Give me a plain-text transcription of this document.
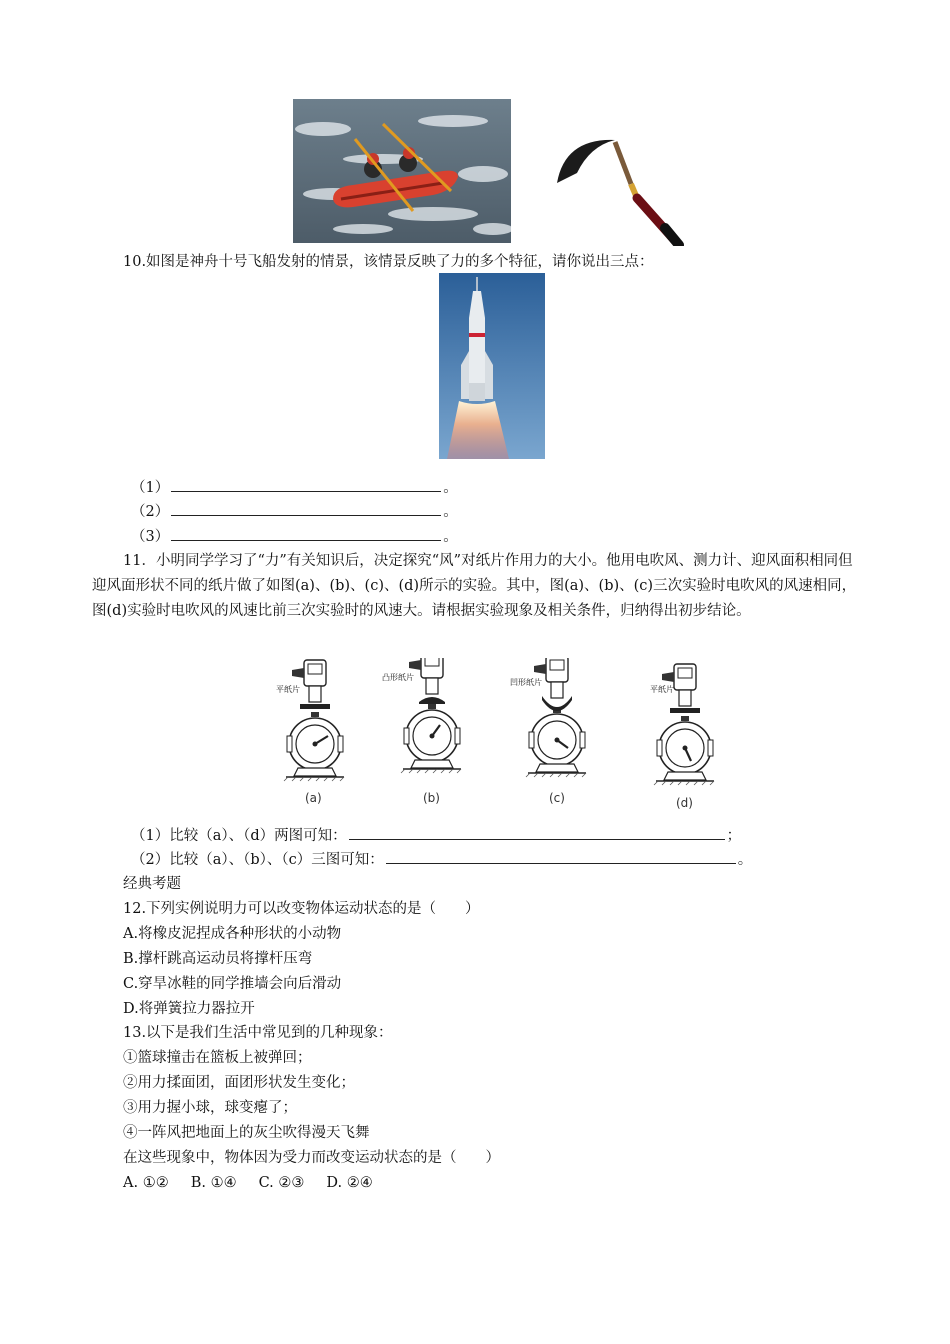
10.如图是神舟十号飞船发射的情景，该情景反映了力的多个特征，请你说出三点：
（1）	。
（2）	。
（3）	。
11．小明同学学习了“力”有关知识后，决定探究“风”对纸片作用力的大小。他用电吹风、测力计、迎风面积相同但迎风面形状不同的纸片做了如图(a)、(b)、(c)、(d)所示的实验。其中，图(a)、(b)、(c)三次实验时电吹风的风速相同，图(d)实验时电吹风的风速比前三次实验时的风速大。请根据实验现象及相关条件，归纳得出初步结论。
平纸片
(a)
凸形纸片
(b)
凹形纸片
(c)
平纸片
(d)
（1）比较（a）、（d）两图可知：	；
（2）比较（a）、（b）、（c）三图可知：	。
经典考题
12.下列实例说明力可以改变物体运动状态的是（　　）
A.将橡皮泥捏成各种形状的小动物
B.撑杆跳高运动员将撑杆压弯
C.穿旱冰鞋的同学推墙会向后滑动
D.将弹簧拉力器拉开
13.以下是我们生活中常见到的几种现象：
①篮球撞击在篮板上被弹回；
②用力揉面团，面团形状发生变化；
③用力握小球，球变瘪了；
④一阵风把地面上的灰尘吹得漫天飞舞
在这些现象中，物体因为受力而改变运动状态的是（　　）
A. ①② B. ①④ C. ②③ D. ②④
